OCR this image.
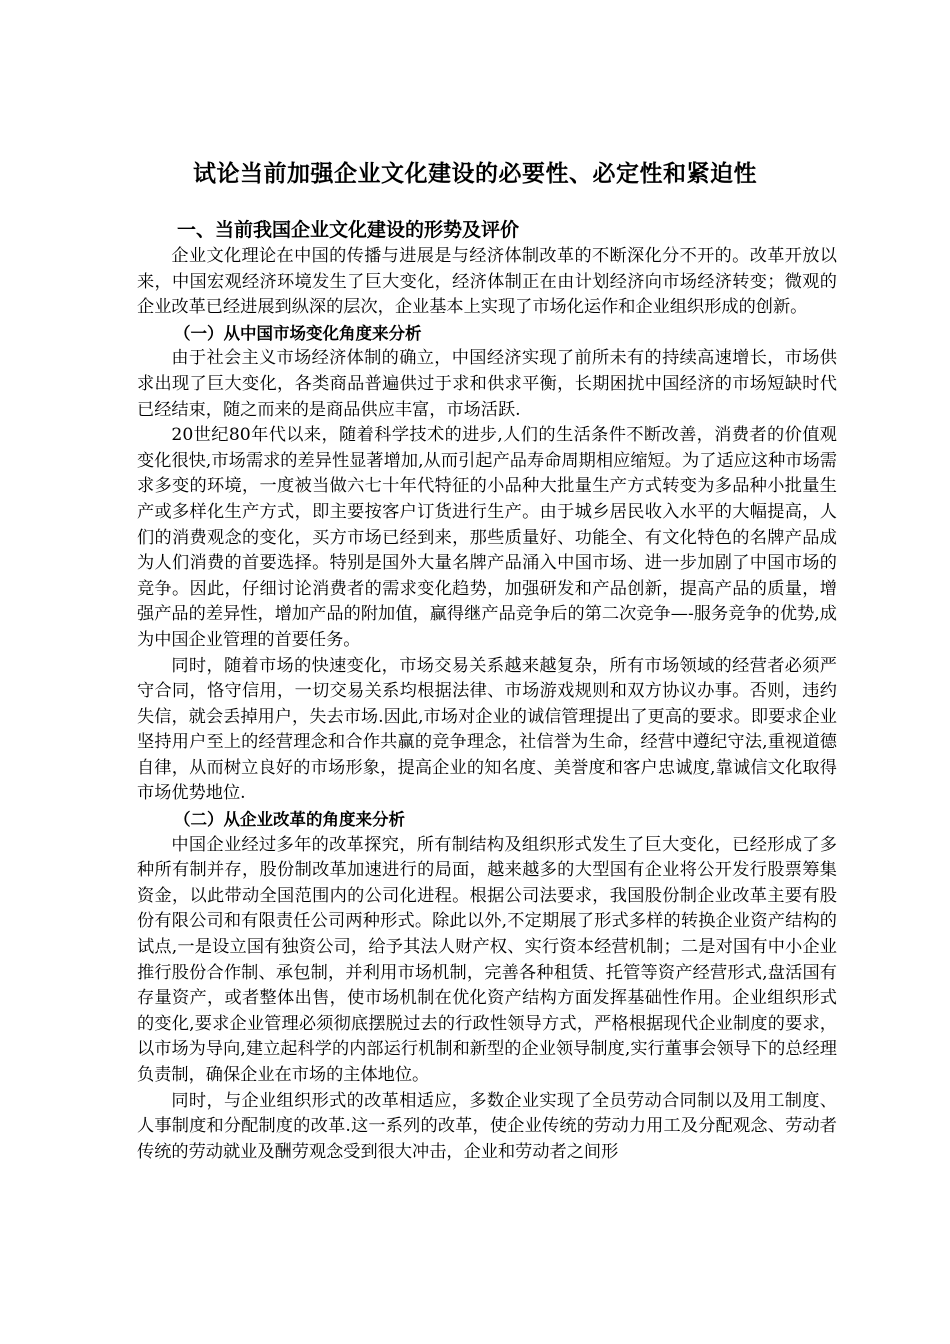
试论当前加强企业文化建设的必要性、必定性和紧迫性
一、当前我国企业文化建设的形势及评价

企业文化理论在中国的传播与进展是与经济体制改革的不断深化分不开的。改革开放以来，中国宏观经济环境发生了巨大变化，经济体制正在由计划经济向市场经济转变；微观的企业改革已经进展到纵深的层次，企业基本上实现了市场化运作和企业组织形成的创新。

（一）从中国市场变化角度来分析

由于社会主义市场经济体制的确立，中国经济实现了前所未有的持续高速增长，市场供求出现了巨大变化，各类商品普遍供过于求和供求平衡，长期困扰中国经济的市场短缺时代已经结束，随之而来的是商品供应丰富，市场活跃.

20世纪80年代以来，随着科学技术的进步,人们的生活条件不断改善，消费者的价值观变化很快,市场需求的差异性显著增加,从而引起产品寿命周期相应缩短。为了适应这种市场需求多变的环境，一度被当做六七十年代特征的小品种大批量生产方式转变为多品种小批量生产或多样化生产方式，即主要按客户订货进行生产。由于城乡居民收入水平的大幅提高，人们的消费观念的变化，买方市场已经到来，那些质量好、功能全、有文化特色的名牌产品成为人们消费的首要选择。特别是国外大量名牌产品涌入中国市场、进一步加剧了中国市场的竞争。因此，仔细讨论消费者的需求变化趋势，加强研发和产品创新，提高产品的质量，增强产品的差异性，增加产品的附加值，赢得继产品竞争后的第二次竞争—-服务竞争的优势,成为中国企业管理的首要任务。

同时，随着市场的快速变化，市场交易关系越来越复杂，所有市场领域的经营者必须严守合同，恪守信用，一切交易关系均根据法律、市场游戏规则和双方协议办事。否则，违约失信，就会丢掉用户，失去市场.因此,市场对企业的诚信管理提出了更高的要求。即要求企业坚持用户至上的经营理念和合作共赢的竞争理念，社信誉为生命，经营中遵纪守法,重视道德自律，从而树立良好的市场形象，提高企业的知名度、美誉度和客户忠诚度,靠诚信文化取得市场优势地位.

（二）从企业改革的角度来分析

中国企业经过多年的改革探究，所有制结构及组织形式发生了巨大变化，已经形成了多种所有制并存，股份制改革加速进行的局面，越来越多的大型国有企业将公开发行股票筹集资金，以此带动全国范围内的公司化进程。根据公司法要求，我国股份制企业改革主要有股份有限公司和有限责任公司两种形式。除此以外,不定期展了形式多样的转换企业资产结构的试点,一是设立国有独资公司，给予其法人财产权、实行资本经营机制；二是对国有中小企业推行股份合作制、承包制，并利用市场机制，完善各种租赁、托管等资产经营形式,盘活国有存量资产，或者整体出售，使市场机制在优化资产结构方面发挥基础性作用。企业组织形式的变化,要求企业管理必须彻底摆脱过去的行政性领导方式，严格根据现代企业制度的要求，以市场为导向,建立起科学的内部运行机制和新型的企业领导制度,实行董事会领导下的总经理负责制，确保企业在市场的主体地位。

同时，与企业组织形式的改革相适应，多数企业实现了全员劳动合同制以及用工制度、人事制度和分配制度的改革.这一系列的改革，使企业传统的劳动力用工及分配观念、劳动者传统的劳动就业及酬劳观念受到很大冲击，企业和劳动者之间形
